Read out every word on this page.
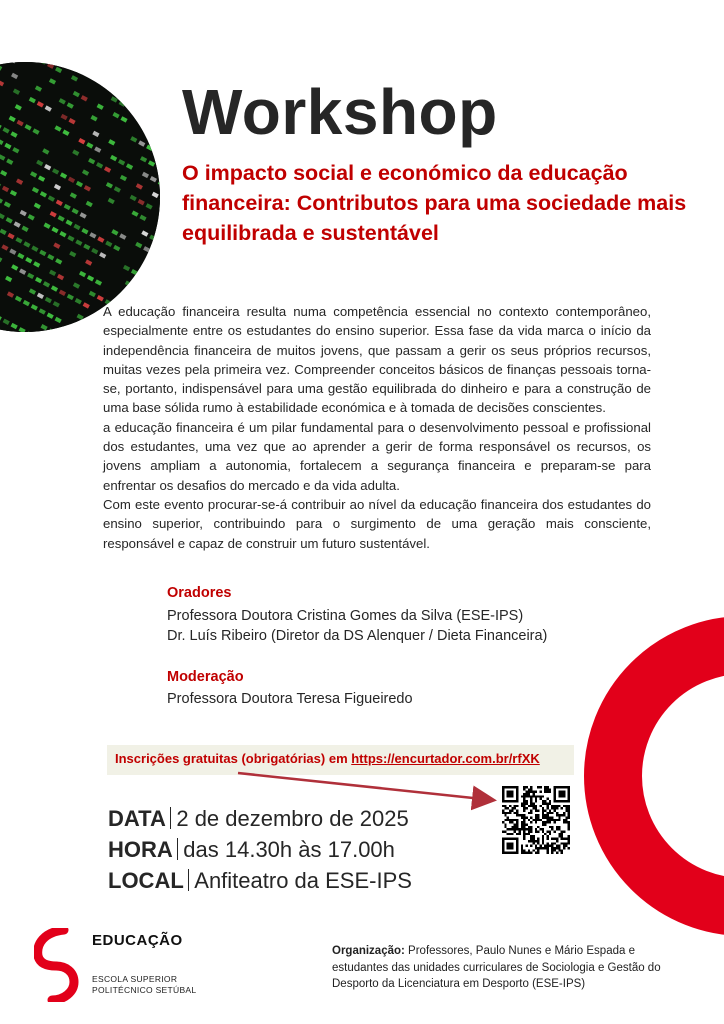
Workshop
O impacto social e económico da educação financeira: Contributos para uma sociedade mais equilibrada e sustentável

A educação financeira resulta numa competência essencial no contexto contemporâneo, especialmente entre os estudantes do ensino superior. Essa fase da vida marca o início da independência financeira de muitos jovens, que passam a gerir os seus próprios recursos, muitas vezes pela primeira vez. Compreender conceitos básicos de finanças pessoais torna-se, portanto, indispensável para uma gestão equilibrada do dinheiro e para a construção de uma base sólida rumo à estabilidade económica e à tomada de decisões conscientes.

a educação financeira é um pilar fundamental para o desenvolvimento pessoal e profissional dos estudantes, uma vez que ao aprender a gerir de forma responsável os recursos, os jovens ampliam a autonomia, fortalecem a segurança financeira e preparam-se para enfrentar os desafios do mercado e da vida adulta.

Com este evento procurar-se-á contribuir ao nível da educação financeira dos estudantes do ensino superior, contribuindo para o surgimento de uma geração mais consciente, responsável e capaz de construir um futuro sustentável.

Oradores
Professora Doutora Cristina Gomes da Silva (ESE-IPS)
Dr. Luís Ribeiro (Diretor da DS Alenquer / Dieta Financeira)
Moderação
Professora Doutora Teresa Figueiredo
Inscrições gratuitas (obrigatórias) em https://encurtador.com.br/rfXK
DATA 2 de dezembro de 2025
HORA das 14.30h às 17.00h
LOCAL Anfiteatro da ESE-IPS
EDUCAÇÃO
ESCOLA SUPERIOR
POLITÉCNICO SETÚBAL
Organização: Professores, Paulo Nunes e Mário Espada e estudantes das unidades curriculares de Sociologia e Gestão do Desporto da Licenciatura em Desporto (ESE-IPS)
